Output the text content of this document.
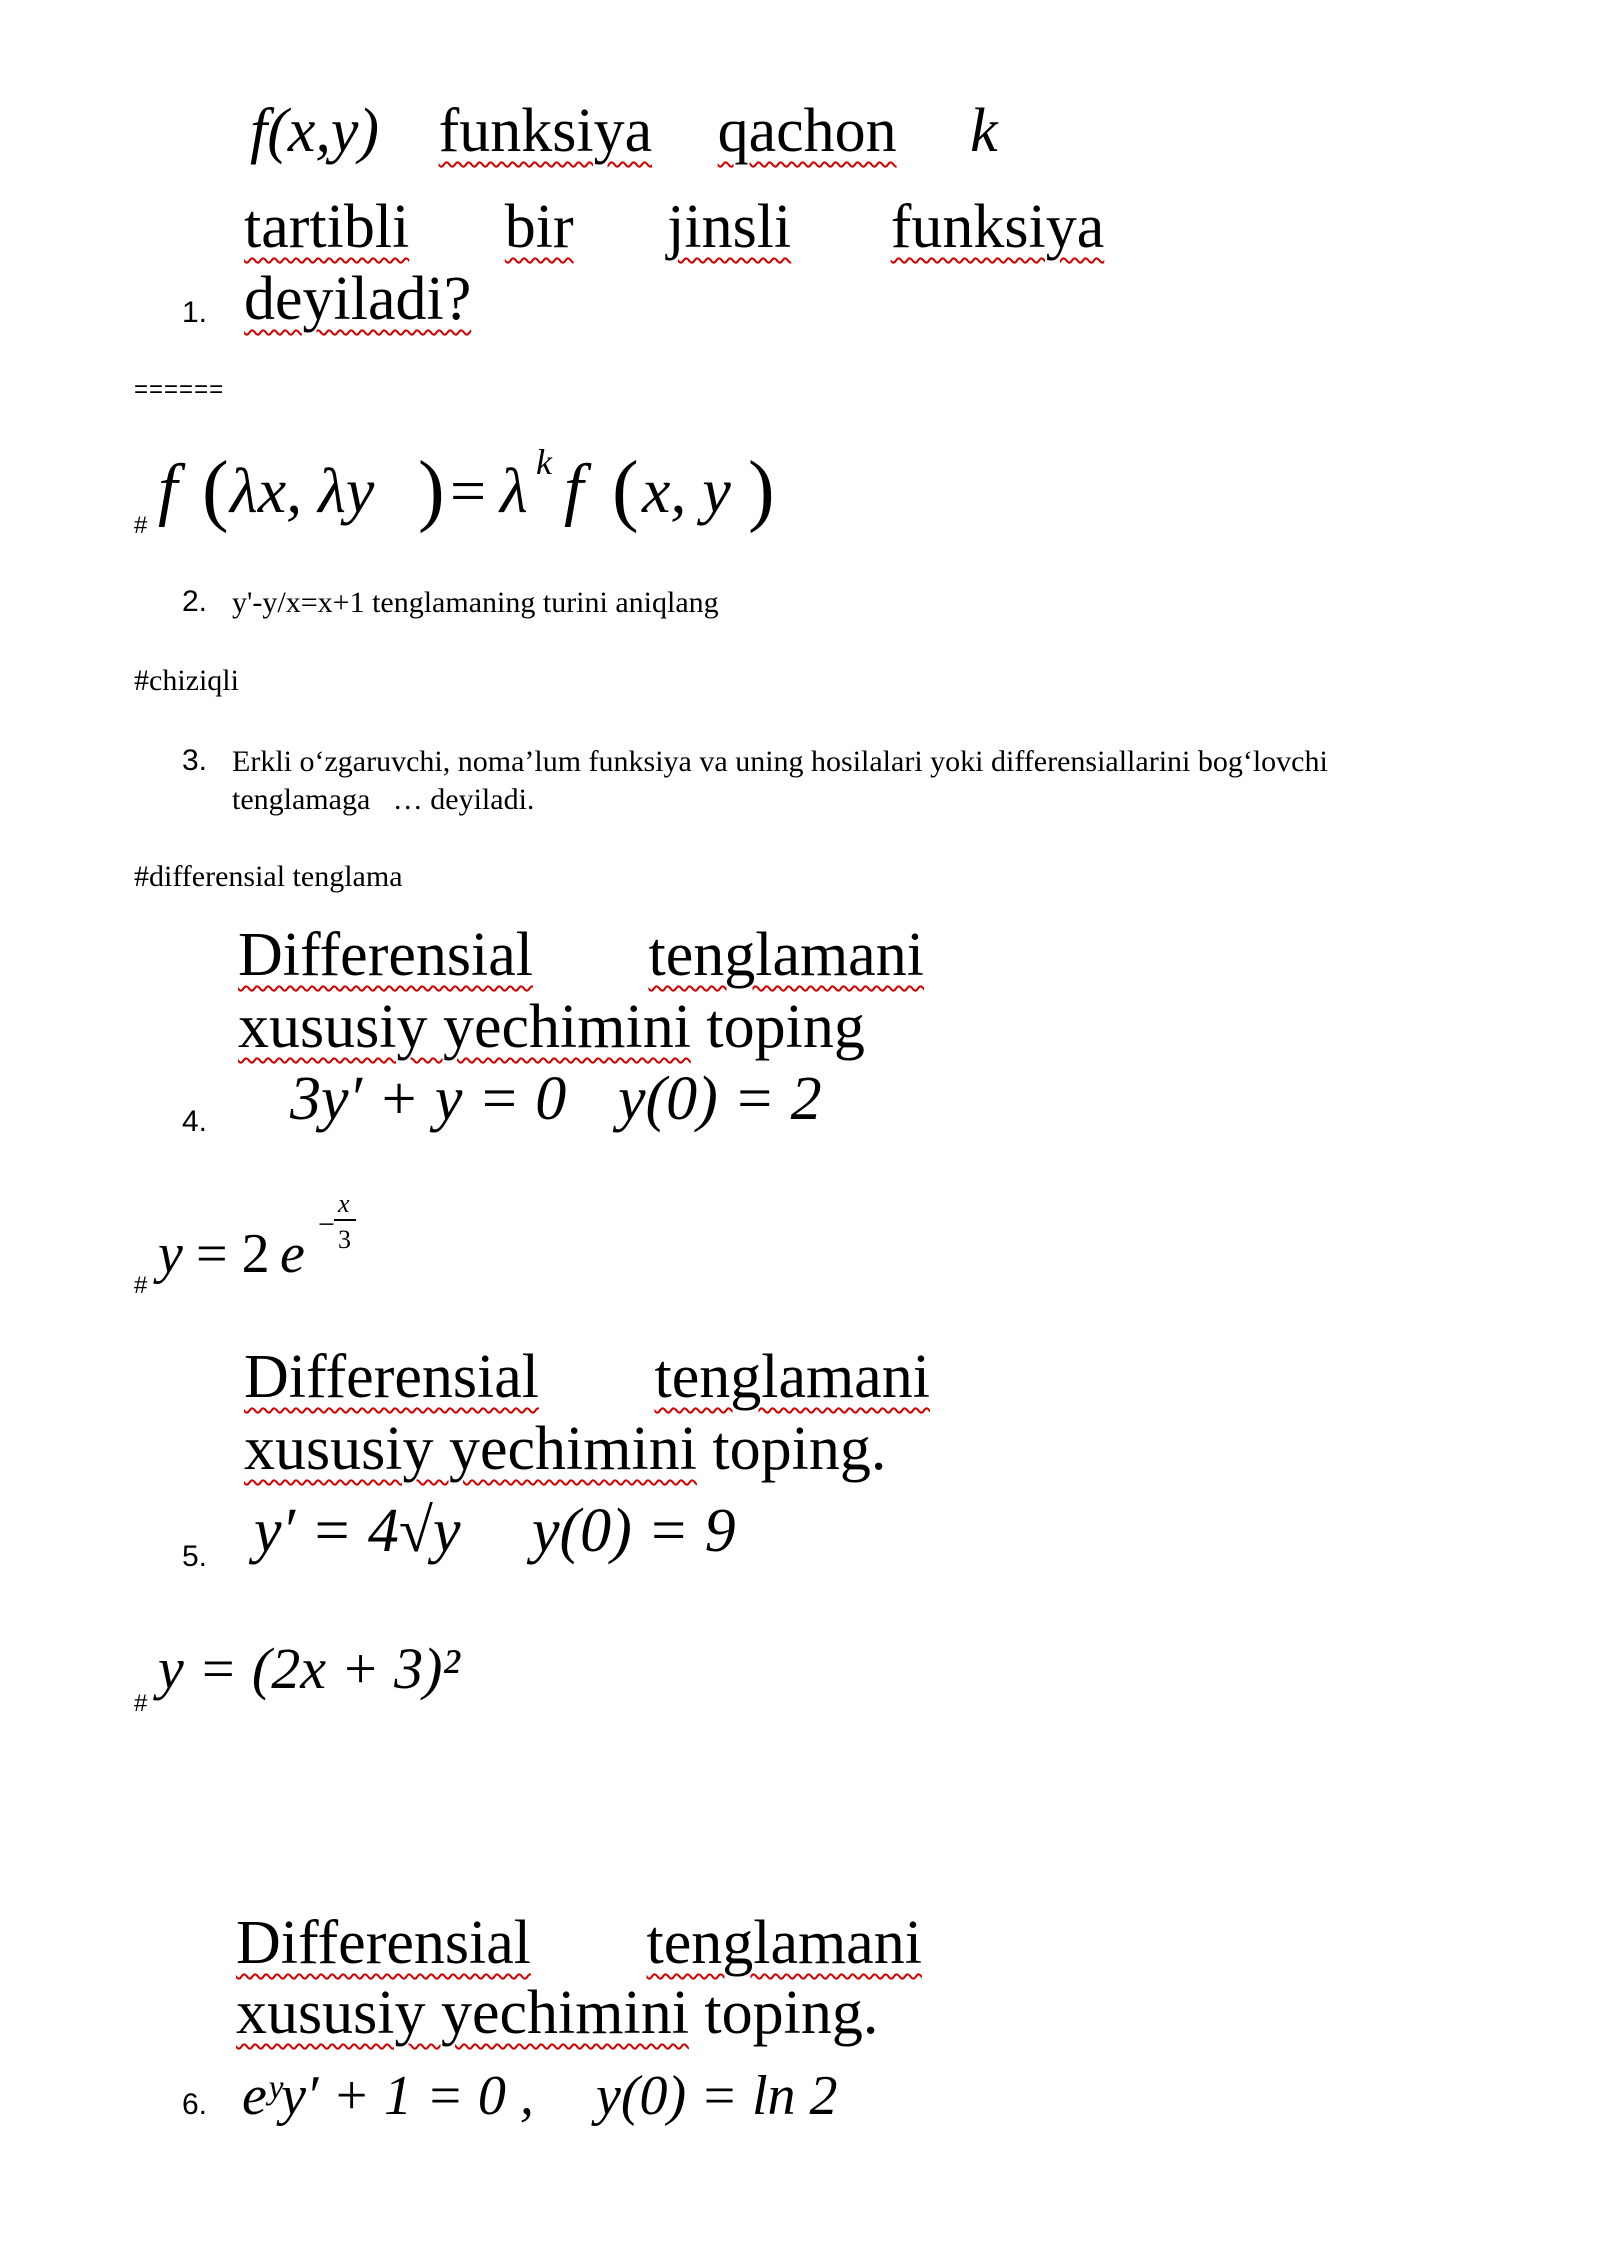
f(x,y) funksiya qachon k
tartibli bir jinsli funksiya
1. deyiladi?
======
# f ( λx, λy ) = λ k f ( x, y )
2. y'-y/x=x+1 tenglamaning turini aniqlang
#chiziqli
3. Erkli o‘zgaruvchi, noma’lum funksiya va uning hosilalari yoki differensiallarini bog‘lovchi
tenglamaga   … deyiladi.
#differensial tenglama
Differensial tenglamani
xususiy yechimini toping
4. 3y′ + y = 0 y(0) = 2
#
y = 2 e −
x
3
Differensial tenglamani
xususiy yechimini toping.
5. y′ = 4√y y(0) = 9
#
y = (2x + 3)²
Differensial tenglamani
xususiy yechimini toping.
6. eʸy′ + 1 = 0 , y(0) = ln 2
